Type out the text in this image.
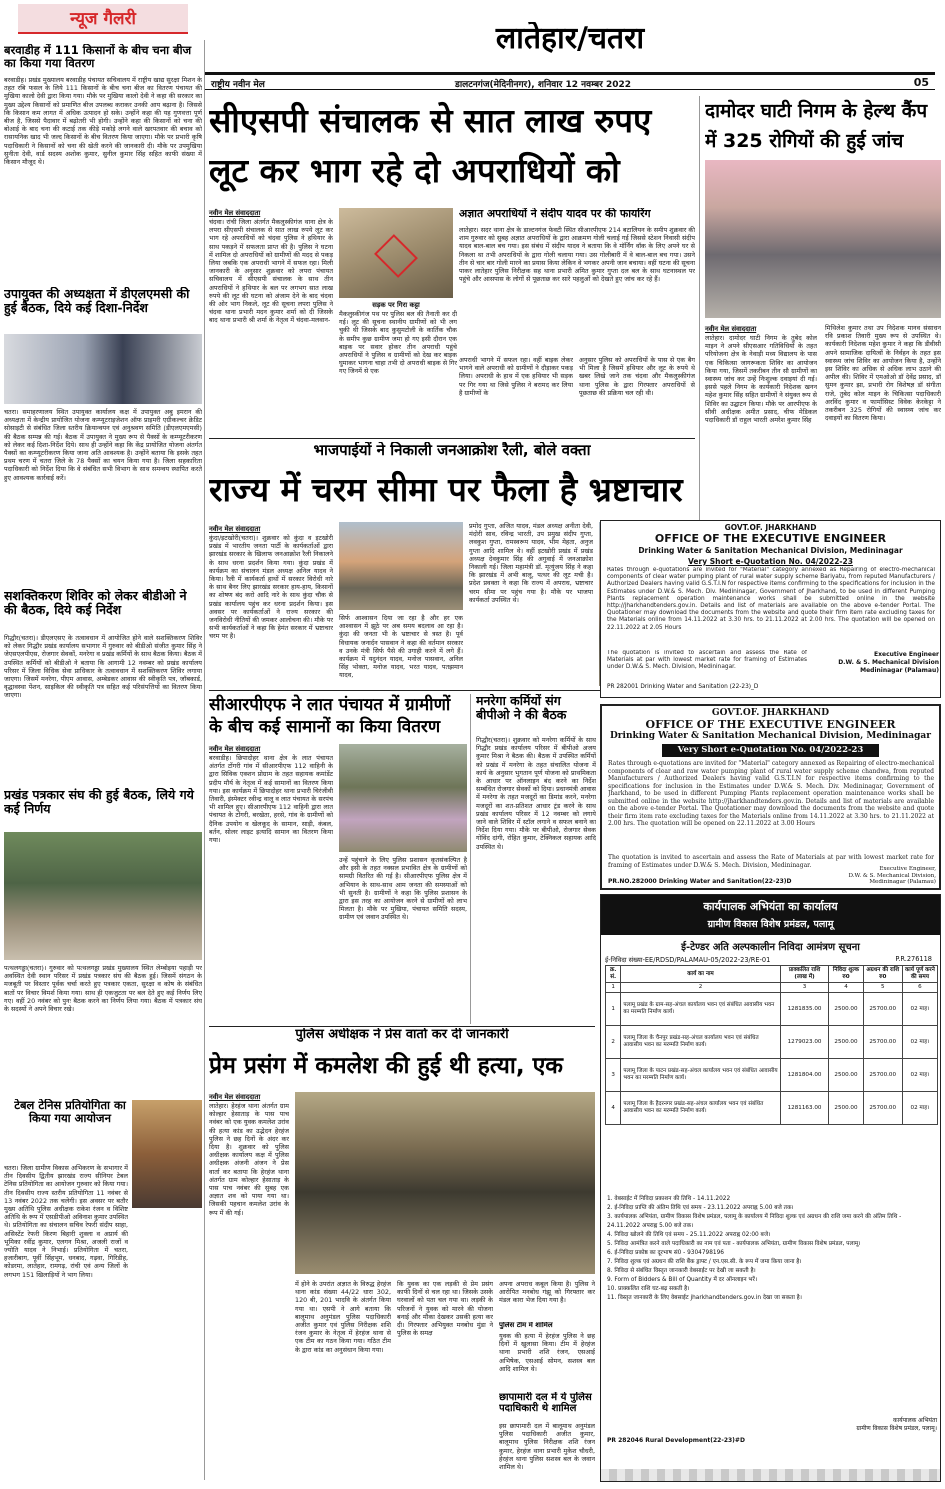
लातेहार/चतरा
राष्ट्रीय नवीन मेल	डालटनगंज(मेदिनीनगर), शनिवार 12 नवम्बर 2022	05
न्यूज गैलरी
बरवाडीह में 111 किसानों के बीच चना बीज का किया गया वितरण
बरवाडीह। प्रखंड मुख्यालय बरवाडीह पंचायत सचिवालय में राष्ट्रीय खाद्य सुरक्षा मिशन के तहत रबि फसल के लिये 111 किसानों के बीच चना बीज का वितरण पंचायत की मुखिया कालो देवी द्वारा किया गया। मौके पर मुखिया कालो देवी ने कहा की सरकार का मुख्य उद्देश्य किसानों को प्रमाणित बीज उपलब्ध कराकर उनकी आय बढ़ाना है। जिससे कि किसान कम लागत में अधिक उत्पादन हो सके। उन्होंने कहा की यह गुणवत्ता पूर्ण बीज है, जिससे पैदावार में बढ़ोतरी भी होगी। उन्होंने कहा की किसानों को चना की बोआई के बाद चना की कटाई तक कीड़े मकोड़े लगने वाले खरपतवार की बचाव को रासायनिक खाद भी जल्द किसानों के बीच वितरण किया जाएगा। मौके पर प्रभारी कृषि पदाधिकारी ने किसानों को चना की खेती करने की जानकारी दी। मौके पर उपमुखिया सुनीता देवी, वार्ड सदस्य अशोक कुमार, सुनील कुमार सिंह सहित काफी संख्या में किसान मौजूद थे।
उपायुक्त की अध्यक्षता में डीएलएमसी की हुई बैठक, दिये कई दिशा-निर्देश
चतरा। समाहरणालय स्थित उपायुक्त कार्यालय कक्ष में उपायुक्त अबु इमरान की अध्यक्षता में केन्द्रीय प्रायोजित योजना कम्प्यूटराइजेशन ऑफ प्राइमरी एग्रीकल्चर क्रेडिट सोसाइटी से संबंधित जिला स्तरीय क्रियान्वयन एवं अनुश्रवण समिति (डीएलएमएमसी) की बैठक सम्पन्न की गई। बैठक में उपायुक्त ने मुख्य रूप से पैक्सों के कम्प्यूटरीकरण को लेकर कई दिशा-निर्देश दिये। साथ ही उन्होंने कहा कि केंद्र प्रायोजित योजना अंतर्गत पैक्सों का कम्प्यूटरीकरण किया जाना अति आवश्यक है। उन्होंने बताया कि इसके तहत प्रथम चरण में चतरा जिले के 78 पैक्सों का चयन किया गया है। जिला सहकारिता पदाधिकारी को निर्देश दिया कि वे संबंधित सभी विभाग के साथ समन्वय स्थापित करते हुए आवश्यक कार्रवाई करें।
सशक्तिकरण शिविर को लेकर बीडीओ ने की बैठक, दिये कई निर्देश
गिद्धौर(चतरा)। डीएलएसए के तत्वावधान में आयोजित होने वाले सशक्तिकरण शिविर को लेकर गिद्धौर प्रखंड कार्यालय सभागार में गुरुवार को बीडीओ संजीत कुमार सिंह ने जेएसएलपीएस, रोजगार सेवकों, मनरेगा व प्रखंड कर्मियों के साथ बैठक किया। बैठक में उपस्थित कर्मियों को बीडीओ ने बताया कि आगामी 12 नवम्बर को प्रखंड कार्यालय परिसर में जिला विधिक सेवा प्राधिकार के तत्वावधान में सशक्तिकरण शिविर लगाया जाएगा। जिसमें मनरेगा, पीएम आवास, अम्बेडकर आवास की स्वीकृति पत्र, जॉबकार्ड, वृद्धावस्था पेंशन, साइकिल की स्वीकृति पत्र सहित कई परिसंपत्तियों का वितरण किया जाएगा।
प्रखंड पत्रकार संघ की हुई बैठक, लिये गये कई निर्णय
पत्थलगड्डा(चतरा)। गुरुवार को पत्थलगड्डा प्रखंड मुख्यालय स्थित लेम्बोइया पहाड़ी पर अवस्थित देवी स्थान परिसर में प्रखंड पत्रकार संघ की बैठक हुई। जिसमें संगठन के मजबूती पर विस्तार पूर्वक चर्चा करते हुए पत्रकार एकता, सुरक्षा व कोष के संबंधित बातों पर विचार विमर्श किया गया। साथ ही एकजुटता पर बल देते हुए कई निर्णय लिए गए। वहीं 20 नवंबर को पुनः बैठक करने का निर्णय लिया गया। बैठक में पत्रकार संघ के सदस्यों ने अपने विचार रखे।
टेबल टेनिस प्रतियोगिता का किया गया आयोजन
चतरा। जिला ग्रामीण विकास अभिकरण के सभागार में तीन दिवसीय द्वितीय झारखंड राज्य सीनियर टेबल टेनिस प्रतियोगिता का आयोजन गुरुवार को किया गया। तीन दिवसीय राज्य स्तरीय प्रतियोगिता 11 नवंबर से 13 नवंबर 2022 तक चलेगी। इस अवसर पर बतौर मुख्य अतिथि पुलिस अधीक्षक राकेश रंजन व विशिष्ट अतिथि के रूप में एसडीपीओ अविनाश कुमार उपस्थित थे। प्रतियोगिता का संचालन सचिव रेफरी संदीप साहा, असिस्टेंट रेफरी किरण बिहारी शुक्ला व अप्रार्य की भूमिका रवींद्र कुमार, एलगन मिश्रा, अजली राजों व ज्योति यादव ने निभाई। प्रतियोगिता में चतरा, हजारीबाग, पूर्वी सिंहभूम, धनबाद, गढ़वा, गिरिडीह, कोडरमा, लातेहार, रामगढ़, रांची एवं अन्य जिलों के लगभग 151 खिलाड़ियों ने भाग लिया।
सीएसपी संचालक से सात लाख रुपए लूट कर भाग रहे दो अपराधियों को
नवीन मेल संवाददाता
चंदवा। रांची जिला अंतर्गत मैकलुस्कीगंज थाना क्षेत्र के लपरा सीएसपी संचालक से सात लाख रुपये लूट कर भाग रहे अपराधियों को चंदवा पुलिस ने हथियार के साथ पकड़ने में सफलता प्राप्त की है। पुलिस ने घटना में शामिल दो अपराधियों को ग्रामीणों की मदद से पकड़ लिया जबकि एक अपराधी भागने में सफल रहा। मिली जानकारी के अनुसार शुक्रवार को लपरा पंचायत सचिवालय में सीएसपी संचालक के साथ तीन अपराधियों ने हथियार के बल पर लगभग सात लाख रुपये की लूट की घटना को अंजाम देने के बाद चंदवा की ओर भाग निकले, लूट की सूचना लपरा पुलिस ने चंदवा थाना प्रभारी मदन कुमार शर्मा को दी जिसके बाद थाना प्रभारी श्री शर्मा के नेतृत्व में चंदवा-मलवान-
सड़क पर गिरा कट्टा
मैकलुस्कीगंज पथ पर पुलिस बल की तैनाती कर दी गई। लूट की सूचना स्थानीय ग्रामीणों को भी लग चुकी थी जिसके बाद कुसुमटोली के कार्तिक चौक के समीप कुछ ग्रामीण जमा हो गए इसी दौरान एक बाइक पर सवार होकर तीन अपराधी पहुंचे अपराधियों ने पुलिस व ग्रामीणों को देख कर बाइक घुमाकर भागना चाहा तभी दो अपराधी बाइक से गिर गए जिनमें से एक
अज्ञात अपराधियों ने संदीप यादव पर की फायरिंग
लातेहार। सदर थाना क्षेत्र के डाल्टनगंज फेवटी स्थित सीआरपीएफ 214 बटालियन के समीप शुक्रवार की शाम गुरुवार को सुबह अज्ञात अपराधियों के द्वारा आक्रमण गोली चलाई गई जिससे स्टेशन निवासी संदीप यादव बाल-बाल बच गया। इस संबंध में संदीप यादव ने बताया कि वे मॉर्निंग वॉक के लिए अपने घर से निकला था तभी अपराधियों के द्वारा गोली चलाया गया। उस गोलीबारी में वे बाल-बाल बच गया। उसने तीन से चार बार गोली मारने का प्रयास किया लेकिन वे भगकर अपनी जान बचाया। वहीं घटना की सूचना पाकर लातेहार पुलिस निरीक्षक सह थाना प्रभारी अमित कुमार गुप्ता दल बल के साथ घटनास्थल पर पहुंचे और आसपास के लोगों से पूछताछ कर सारे पहलुओं को देखते हुए जांच कर रहे हैं।
अपराधी भागने में सफल रहा। वहीं बाइक लेकर भागने वाले अपराधी को ग्रामीणों ने दौड़ाकर पकड़ लिया। अपराधी के हाथ में एक हथियार भी सड़क पर गिर गया था जिसे पुलिस ने बरामद कर लिया है ग्रामीणों के
अनुसार पुलिस को अपराधियों के पास से एक बैग भी मिला है जिसमें हथियार और लूट के रुपये थे खबर लिखे जाने तक चंदवा और मैकलुस्कीगंज थाना पुलिस के द्वारा गिरफ्तार अपराधियों से पूछताछ की प्रक्रिया चल रही थी।
दामोदर घाटी निगम के हेल्थ कैंप में 325 रोगियों की हुई जांच
नवीन मेल संवाददाता
लातेहार। दामोदर घाटी निगम के तुबेद कोल माइन ने अपने सीएसआर गतिविधियों के तहत परियोजना क्षेत्र के नेवाड़ी मध्य विद्यालय के पास एक चिकित्सा जागरूकता शिविर का आयोजन किया गया, जिसमें तकरीबन तीन सौ ग्रामीणों का स्वास्थ्य जांच कर उन्हें निःशुल्क दवाइयां दी गई। इससे पहले निगम के कार्यकारी निदेशक खनन महेश कुमार सिंह सहित ग्रामीणों ने संयुक्त रूप से शिविर का उद्घाटन किया। मौके पर आरपीएफ के सीवी अधीक्षक अमीत प्रसाद, चीफ मेडिकल पदाधिकारी डॉ राहुल भारती अमरेश कुमार सिंह
मिथिलेश कुमार तथा उप निदेशक मानव संसाधन रवि प्रकाश तिवारी मुख्य रूप से उपस्थित थे। कार्यकारी निदेशक महेश कुमार ने कहा कि डीवीसी अपने सामाजिक दायित्वों के निर्वहन के तहत इस स्वास्थ्य जांच शिविर का आयोजन किया है, उन्होंने इस शिविर का अधिक से अधिक लाभ उठाने की अपील की। शिविर में एमओओ डॉ देवेंद्र प्रसाद, डॉ सुमन कुमार झा, प्रभारी रोग विशेषज्ञ डॉ संगीता राजे, तुबेद कोल माइन के चिकित्सा पदाधिकारी अरविंद कुमार व फार्मासिस्ट विवेक केरकेट्टा ने तकरीबन 325 रोगियों की स्वास्थ्य जांच कर दवाइयों का वितरण किया।
भाजपाईयों ने निकाली जनआक्रोश रैली, बोले वक्ता
राज्य में चरम सीमा पर फैला है भ्रष्टाचार
नवीन मेल संवाददाता
कुंदा/इटखोरी(चतरा)। शुक्रवार को कुंदा व इटखोरी प्रखंड में भारतीय जनता पार्टी के कार्यकर्ताओं द्वारा झारखंड सरकार के खिलाफ जनआक्रोश रैली निकालने के साथ धरना प्रदर्शन किया गया। कुंदा प्रखंड में कार्यक्रम का संचालन मंडल अध्यक्ष अनिल यादव ने किया। रैली में कार्यकर्ता हाथों में सरकार विरोधी नारे के साथ बैनर लिए झारखंड सरकार हाय-हाय, किसानों का शोषण बंद करो आदि नारे के साथ कुंदा चौक से प्रखंड कार्यालय पहुंच कर धरना प्रदर्शन किया। इस अवसर पर कार्यकर्ताओं ने राज्य सरकार की जनविरोधी नीतियों की जमकर आलोचना की। मौके पर सभी कार्यकर्ताओं ने कहा कि हेमंत सरकार में भ्रष्टाचार चरम पर है।
सिर्फ आश्वासन दिया जा रहा है और हर एक आश्वासन में झूठे पर अब समय बदलाव आ रहा है। कुंदा की जनता भी के भ्रष्टाचार से त्रस्त है। पूर्व विधायक जनार्दन पासवान ने कहा की वर्तमान सरकार व उनके मंत्री सिर्फ पैसे की उगाही करने में लगे हैं। कार्यक्रम में यदुनंदन यादव, मनोज पासवान, अनिल सिंह भोक्ता, मनोज यादव, भरत यादव, पतझमान यादव,
प्रमोद गुप्ता, अजित यादव, मंडल अध्यक्ष अनीता देवी, मंदोरी साव, रविन्द्र भारती, उप प्रमुख संदीप गुप्ता, लवकुश गुप्ता, रामस्वरूप यादव, भीम मेहता, अनुज गुप्ता आदि शामिल थे। वहीं इटखोरी प्रखंड में प्रखंड अध्यक्ष देवकुमार सिंह की अगुवाई में जनआक्रोश निकाली गई। जिला महामंत्री डॉ. मृत्युंजय सिंह ने कहा कि झारखंड में अभी बालू, पत्थर की लूट मची है। प्रदेश प्रवक्ता ने कहा कि राज्य में अपराध, भ्रष्टाचार चरम सीमा पर पहुंच गया है। मौके पर भाजपा कार्यकर्ता उपस्थित थे।
सीआरपीएफ ने लात पंचायत में ग्रामीणों के बीच कई सामानों का किया वितरण
नवीन मेल संवाददाता
बरवाडीह। छिपादोहर थाना क्षेत्र के लात पंचायत अंतर्गत टोंगरी गांव में सीआरपीएफ 112 वाहिनी के द्वारा सिविक एक्शन प्रोग्राम के तहत सहायक कमांडेंट प्रदीप मौर्य के नेतृत्व में कई सामानों का वितरण किया गया। इस कार्यक्रम में छिपादोहर थाना प्रभारी चिरंजीवी तिवारी, इंस्पेक्टर रवीन्द्र वालू व लात पंचायत के सरपंच भी शामिल हुए। सीआरपीएफ 112 वाहिनी द्वारा लात पंचायत के टोंगरी, बरखेता, हरसे, गांव के ग्रामीणों को दैनिक उपयोग व खेलकूद के सामान, साड़ी, कंबल, बर्तन, सोलर लाइट इत्यादि सामान का वितरण किया गया।
उन्हें पहुंचाने के लिए पुलिस प्रशासन कृतसंकल्पित है और इसी के तहत नक्सल प्रभावित क्षेत्र के ग्रामीणों को सामग्री वितरित की गई है। सीआरपीएफ पुलिस क्षेत्र में अभियान के साथ-साथ आम जनता की समस्याओं को भी सुनती है। ग्रामीणों ने कहा कि पुलिस प्रशासन के द्वारा इस तरह का आयोजन करने से ग्रामीणों को लाभ मिलता है। मौके पर मुखिया, पंचायत समिति सदस्य, ग्रामीण एवं जवान उपस्थित थे।
मनरेगा कर्मियों संग बीपीओ ने की बैठक
गिद्धौर(चतरा)। शुक्रवार को मनरेगा कर्मियों के साथ गिद्धौर प्रखंड कार्यालय परिसर में बीपीओ अजय कुमार मिश्रा ने बैठक की। बैठक में उपस्थित कर्मियों को प्रखंड में मनरेगा के तहत संचालित योजना में कार्य के अनुसार भुगतान पूर्ण योजना को प्राथमिकता के आधार पर ऑनलाइन बंद करने का निर्देश सम्बंधित रोजगार सेवकों को दिया। प्रधानमंत्री आवास में मनरेगा के तहत मजदूरों का डिमांड करने, मनरेगा मजदूरों का शत-प्रतिशत आधार ट्रंड करने के साथ प्रखंड कार्यालय परिसर में 12 नवम्बर को लगाये जाने वाले शिविर में स्टॉल लगाने व सफल बनाने का निर्देश दिया गया। मौके पर बीपीओ, रोजगार सेवक गोविंद दांगी, रोहित कुमार, टेक्निकल सहायक आदि उपस्थित थे।
GOVT.OF. JHARKHAND
OFFICE OF THE EXECUTIVE ENGINEER
Drinking Water & Sanitation Mechanical Division, Medininagar
Very Short e-Quotation No. 04/2022-23
Rates through e-quotations are invited for "Material" category annexed as Repairing of electro-mechanical components of clear water pumping plant of rural water supply scheme Bariyatu, from reputed Manufacturers / Authorized Dealers having valid G.S.T.I.N for respective items confirming to the specifications for inclusion in the Estimates under D.W.& S. Mech. Div. Medininagar, Government of Jharkhand, to be used in different Pumping Plants replacement operation maintenance works shall be submitted online in the website http://jharkhandtenders.gov.in. Details and list of materials are available on the above e-tender Portal. The Quotationer may download the documents from the website and quote their firm item rate excluding taxes for the Materials online from 14.11.2022 at 3.30 hrs. to 21.11.2022 at 2.00 hrs. The quotation will be opened on 22.11.2022 at 2.05 Hours
The quotation is invited to ascertain and assess the Rate of Materials at par with lowest market rate for framing of Estimates under D.W.& S. Mech. Division, Medininagar.
Executive Engineer
D.W. & S. Mechanical Division
Medininagar (Palamau)
PR 282001 Drinking Water and Sanitation (22-23)_D
GOVT.OF. JHARKHAND
OFFICE OF THE EXECUTIVE ENGINEER
Drinking Water & Sanitation Mechanical Division, Medininagar
Very Short e-Quotation No. 04/2022-23
Rates through e-quotations are invited for "Material" category annexed as Repairing of electro-mechanical components of clear and raw water pumping plant of rural water supply scheme chandwa, from reputed Manufacturers / Authorized Dealers having valid G.S.T.I.N for respective items confirming to the specifications for inclusion in the Estimates under D.W.& S. Mech. Div. Medininagar, Government of Jharkhand, to be used in different Pumping Plants replacement operation maintenance works shall be submitted online in the website http://jharkhandtenders.gov.in. Details and list of materials are available on the above e-tender Portal. The Quotationer may download the documents from the website and quote their firm item rate excluding taxes for the Materials online from 14.11.2022 at 3.30 hrs. to 21.11.2022 at 2.00 hrs. The quotation will be opened on 22.11.2022 at 3.00 Hours
The quotation is invited to ascertain and assess the Rate of Materials at par with lowest market rate for framing of Estimates under D.W.& S. Mech. Division, Medininagar.
Executive Engineer,
D.W. & S. Mechanical Division,
Medininagar (Palamau)
PR.NO.282000 Drinking Water and Sanitation(22-23)D
पुलिस अधीक्षक ने प्रेस वार्ता कर दी जानकारी
प्रेम प्रसंग में कमलेश की हुई थी हत्या, एक
नवीन मेल संवाददाता
लातेहार। हेरहंज थाना अंतर्गत ग्राम कोल्हार हेसाताड़ के पास पाच नवंबर को एक युवक कमलेश उरांव की हत्या कांड का उद्भेदन हेरहंज पुलिस ने छह दिनों के अंदर कर दिया है। शुक्रवार को पुलिस अधीक्षक कार्यालय कक्ष में पुलिस अधीक्षक अंजनी अंजन ने प्रेस वार्ता कर बताया कि हेरहंज थाना अंतर्गत ग्राम कोल्हार हेसाताड़ के पास पाच नवंबर की सुबह एक अज्ञात शव को पाया गया था। जिसकी पहचान कमलेश उरांव के रूप में की गई।
में होने के उपरांत अज्ञात के विरुद्ध हेरहंज थाना कांड संख्या 44/22 धारा 302, 120 बी, 201 भादवि के अंतर्गत किया गया था। एसपी ने आगे बताया कि बालूमाथ अनुमंडल पुलिस पदाधिकारी अजीत कुमार एवं पुलिस निरीक्षक शशि रंजन कुमार के नेतृत्व में हेरहंज थाना से एक टीम का गठन किया गया। गठित टीम के द्वारा कांड का अनुसंधान किया गया।
कि युवक का एक लड़की से प्रेम प्रसंग काफी दिनों से चल रहा था। जिसके उसके घरवालों को पता चल गया था। लड़की के परिजनों ने युवक को मारने की योजना बनाई और मौका देखकर उसकी हत्या कर दी। गिरफ्तार अभियुक्त मनबोध मुंडा ने पुलिस के समक्ष
अपना अपराध कबूल किया है। पुलिस ने आरोपित मनबोध गंझू को गिरफ्तार कर मंडल कारा भेज दिया गया है।
पुलिस टीम में शामिल
युवक की हत्या में हेरहंज पुलिस ने छह दिनों में खुलासा किया। टीम में हेरहंज थाना प्रभारी शशि रंजन, एसआई अभिषेक, एसआई सोमन, सशस्त्र बल आदि शामिल थे।
छापामारी दल में ये पुलिस पदाधिकारी थे शामिल
इस छापामारी दल में बालूमाथ अनुमंडल पुलिस पदाधिकारी अजीत कुमार, बालूमाथ पुलिस निरीक्षक शशि रंजन कुमार, हेरहंज थाना प्रभारी मुकेश चौधरी, हेरहंज थाना पुलिस सशस्त्र बल के जवान शामिल थे।
कार्यपालक अभियंता का कार्यालय
ग्रामीण विकास विशेष प्रमंडल, पलामू
ई-टेण्डर अति अल्पकालीन निविदा आमंत्रण सूचना
ई-निविदा संख्या-EE/RDSD/PALAMAU-05/2022-23/RE-01	P.R.276118
क्र. सं.	कार्य का नाम	प्राक्कलित राशि (लाख में)	निविदा शुल्क रु0	अग्रधन की राशि रु0	कार्य पूर्ण करने की समय
1	2	3	4	5	6
1	पलामू प्रखंड के ग्राम-सह-अंचल कार्यालय भवन एवं संबंधित आवासीय भवन का मरम्मति निर्माण कार्य।	1281835.00	2500.00	25700.00	02 माह।
2	पलामू जिला के चैनपुर प्रखंड-सह-अंचल कार्यालय भवन एवं संबंधित आवासीय भवन का मरम्मति निर्माण कार्य।	1279023.00	2500.00	25700.00	02 माह।
3	पलामू जिला के पाटन प्रखंड-सह-अंचल कार्यालय भवन एवं संबंधित आवासीय भवन का मरम्मति निर्माण कार्य।	1281804.00	2500.00	25700.00	02 माह।
4	पलामू जिला के हैदरनगर प्रखंड-सह-अंचल कार्यालय भवन एवं संबंधित आवासीय भवन का मरम्मति निर्माण कार्य।	1281163.00	2500.00	25700.00	02 माह।
1. वेबसाईट में निविदा प्रकाशन की तिथि - 14.11.2022
2. ई-निविदा प्राप्ति की अंतिम तिथि एवं समय - 23.11.2022 अपराह्न 5.00 बजे तक।
3. कार्यपालक अभियंता, ग्रामीण विकास विशेष प्रमंडल, पलामू के कार्यालय में निविदा शुल्क एवं अग्रधन की राशि जमा करने की अंतिम तिथि - 24.11.2022 अपराह्न 5.00 बजे तक।
4. निविदा खोलने की तिथि एवं समय - 25.11.2022 अपराह्न 02:00 बजे।
5. निविदा आमंत्रित करने वाले पदाधिकारी का नाम एवं पता - कार्यपालक अभियंता, ग्रामीण विकास विशेष प्रमंडल, पलामू।
6. ई-निविदा प्रकोष्ठ का दूरभाष सं0 - 9304798196
7. निविदा शुल्क एवं अग्रधन की राशि बैंक ड्राफ्ट / एन.एस.सी. के रूप में जमा किया जाना है।
8. निविदा से संबंधित विस्तृत जानकारी वेबसाईट पर देखी जा सकती है।
9. Form of Bidders & Bill of Quantity में दर ऑनलाइन भरें।
10. प्राक्कलित राशि घट-बढ़ सकती है।
11. विस्तृत जानकारी के लिए वेबसाईट jharkhandtenders.gov.in देखा जा सकता है।
कार्यपालक अभियंता
ग्रामीण विकास विशेष प्रमंडल, पलामू।
PR 282046 Rural Development(22-23)#D
